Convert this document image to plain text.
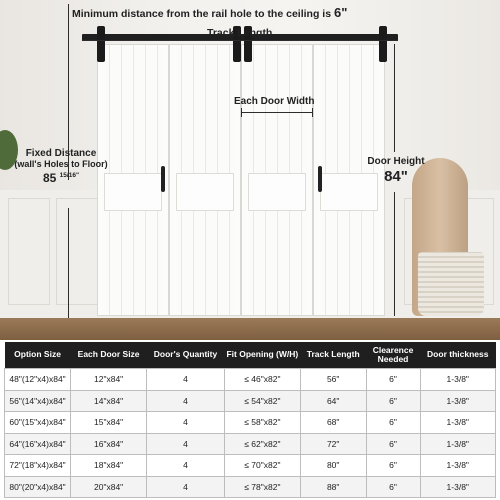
Minimum distance from the rail hole to the ceiling is 6"
Track Length
Each Door Width
Fixed Distance
(wall's Holes to Floor)
85 $^{15/16"}$
Door Height
84"
Option Size	Each Door Size	Door's Quantity	Fit Opening (W/H)	Track Length	Clearence Needed	Door thickness
48"(12"x4)x84"	12"x84"	4	≤ 46"x82"	56"	6"	1-3/8"
56"(14"x4)x84"	14"x84"	4	≤ 54"x82"	64"	6"	1-3/8"
60"(15"x4)x84"	15"x84"	4	≤ 58"x82"	68"	6"	1-3/8"
64"(16"x4)x84"	16"x84"	4	≤ 62"x82"	72"	6"	1-3/8"
72"(18"x4)x84"	18"x84"	4	≤ 70"x82"	80"	6"	1-3/8"
80"(20"x4)x84"	20"x84"	4	≤ 78"x82"	88"	6"	1-3/8"
